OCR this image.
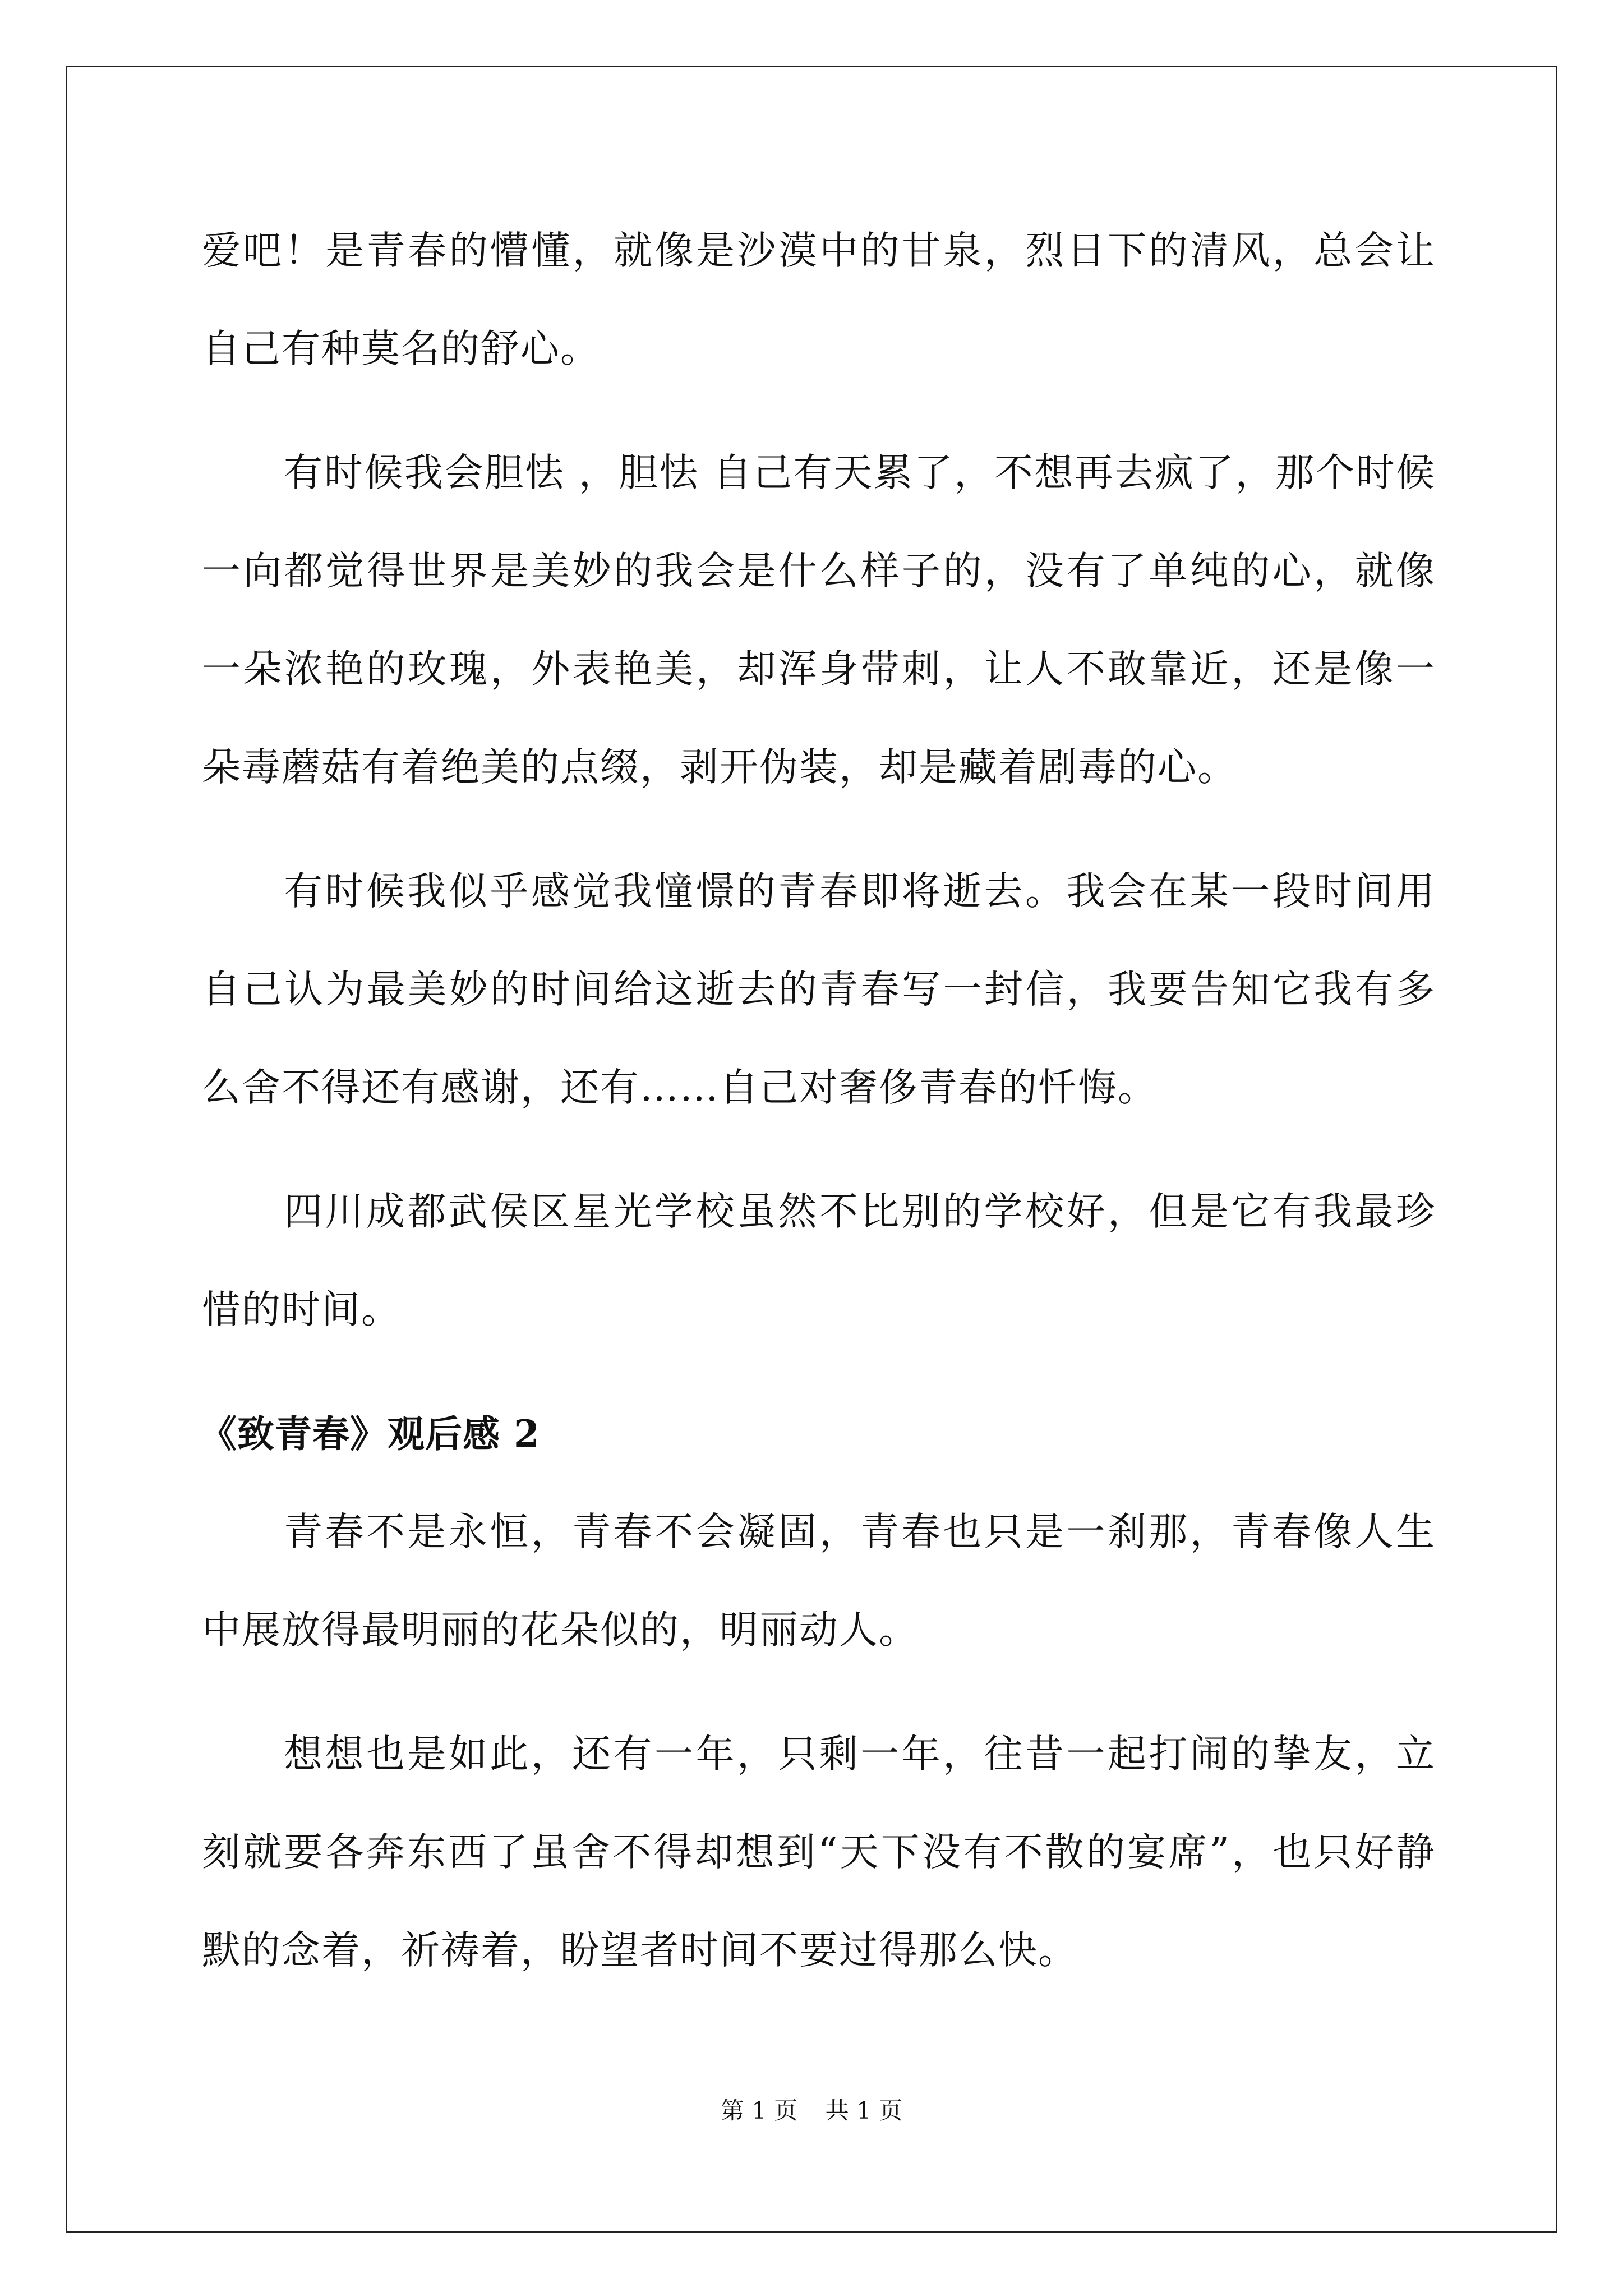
爱吧！是青春的懵懂，就像是沙漠中的甘泉，烈日下的清风，总会让自己有种莫名的舒心。

有时候我会胆怯 ，胆怯 自己有天累了，不想再去疯了，那个时候一向都觉得世界是美妙的我会是什么样子的，没有了单纯的心，就像一朵浓艳的玫瑰，外表艳美，却浑身带刺，让人不敢靠近，还是像一朵毒蘑菇有着绝美的点缀，剥开伪装，却是藏着剧毒的心。

有时候我似乎感觉我憧憬的青春即将逝去。我会在某一段时间用自己认为最美妙的时间给这逝去的青春写一封信，我要告知它我有多么舍不得还有感谢，还有……自己对奢侈青春的忏悔。

四川成都武侯区星光学校虽然不比别的学校好，但是它有我最珍惜的时间。

《致青春》观后感 2

青春不是永恒，青春不会凝固，青春也只是一刹那，青春像人生中展放得最明丽的花朵似的，明丽动人。

想想也是如此，还有一年，只剩一年，往昔一起打闹的挚友，立刻就要各奔东西了虽舍不得却想到“天下没有不散的宴席”，也只好静默的念着，祈祷着，盼望者时间不要过得那么快。

第 1 页 共 1 页
